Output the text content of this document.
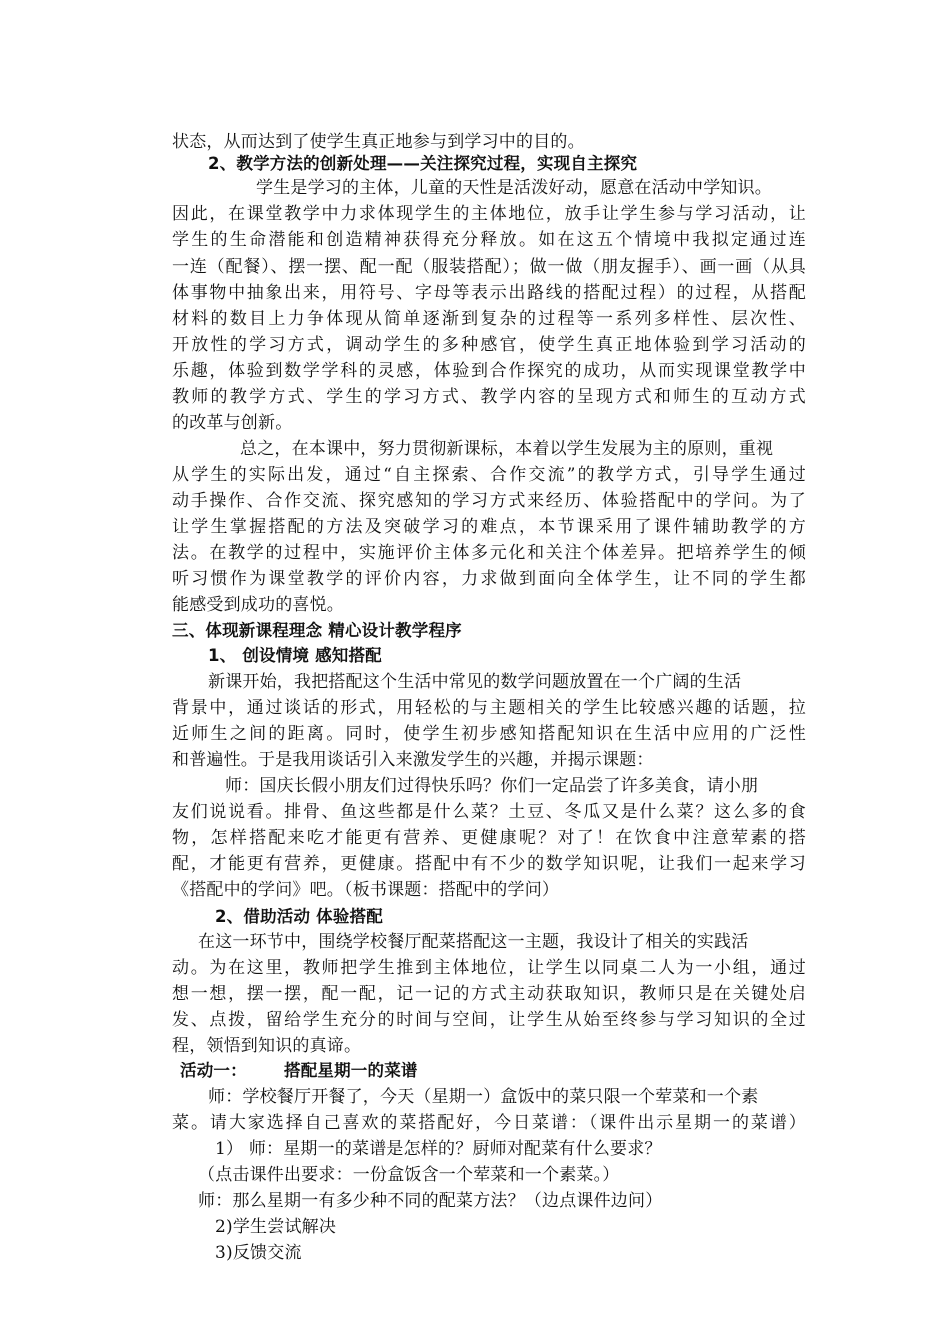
状态，从而达到了使学生真正地参与到学习中的目的。
2、教学方法的创新处理——关注探究过程，实现自主探究
学生是学习的主体，儿童的天性是活泼好动，愿意在活动中学知识。
因此，在课堂教学中力求体现学生的主体地位，放手让学生参与学习活动，让
学生的生命潜能和创造精神获得充分释放。如在这五个情境中我拟定通过连
一连（配餐）、摆一摆、配一配（服装搭配）；做一做（朋友握手）、画一画（从具
体事物中抽象出来，用符号、字母等表示出路线的搭配过程）的过程，从搭配
材料的数目上力争体现从简单逐渐到复杂的过程等一系列多样性、层次性、
开放性的学习方式，调动学生的多种感官，使学生真正地体验到学习活动的
乐趣，体验到数学学科的灵感，体验到合作探究的成功，从而实现课堂教学中
教师的教学方式、学生的学习方式、教学内容的呈现方式和师生的互动方式
的改革与创新。
总之，在本课中，努力贯彻新课标，本着以学生发展为主的原则，重视
从学生的实际出发，通过“自主探索、合作交流”的教学方式，引导学生通过
动手操作、合作交流、探究感知的学习方式来经历、体验搭配中的学问。为了
让学生掌握搭配的方法及突破学习的难点，本节课采用了课件辅助教学的方
法。在教学的过程中，实施评价主体多元化和关注个体差异。把培养学生的倾
听习惯作为课堂教学的评价内容，力求做到面向全体学生，让不同的学生都
能感受到成功的喜悦。
三、体现新课程理念 精心设计教学程序
1、 创设情境 感知搭配
新课开始，我把搭配这个生活中常见的数学问题放置在一个广阔的生活
背景中，通过谈话的形式，用轻松的与主题相关的学生比较感兴趣的话题，拉
近师生之间的距离。同时，使学生初步感知搭配知识在生活中应用的广泛性
和普遍性。于是我用谈话引入来激发学生的兴趣，并揭示课题：
师：国庆长假小朋友们过得快乐吗？你们一定品尝了许多美食，请小朋
友们说说看。排骨、鱼这些都是什么菜？土豆、冬瓜又是什么菜？这么多的食
物，怎样搭配来吃才能更有营养、更健康呢？对了！在饮食中注意荤素的搭
配，才能更有营养，更健康。搭配中有不少的数学知识呢，让我们一起来学习
《搭配中的学问》吧。（板书课题：搭配中的学问）
2、借助活动 体验搭配
在这一环节中，围绕学校餐厅配菜搭配这一主题，我设计了相关的实践活
动。为在这里，教师把学生推到主体地位，让学生以同桌二人为一小组，通过
想一想，摆一摆，配一配，记一记的方式主动获取知识，教师只是在关键处启
发、点拨，留给学生充分的时间与空间，让学生从始至终参与学习知识的全过
程，领悟到知识的真谛。
活动一： 搭配星期一的菜谱
师：学校餐厅开餐了，今天（星期一）盒饭中的菜只限一个荤菜和一个素
菜。请大家选择自己喜欢的菜搭配好，今日菜谱：（课件出示星期一的菜谱）
1） 师：星期一的菜谱是怎样的？厨师对配菜有什么要求？
（点击课件出要求：一份盒饭含一个荤菜和一个素菜。）
师：那么星期一有多少种不同的配菜方法？（边点课件边问）
2)学生尝试解决
3)反馈交流
